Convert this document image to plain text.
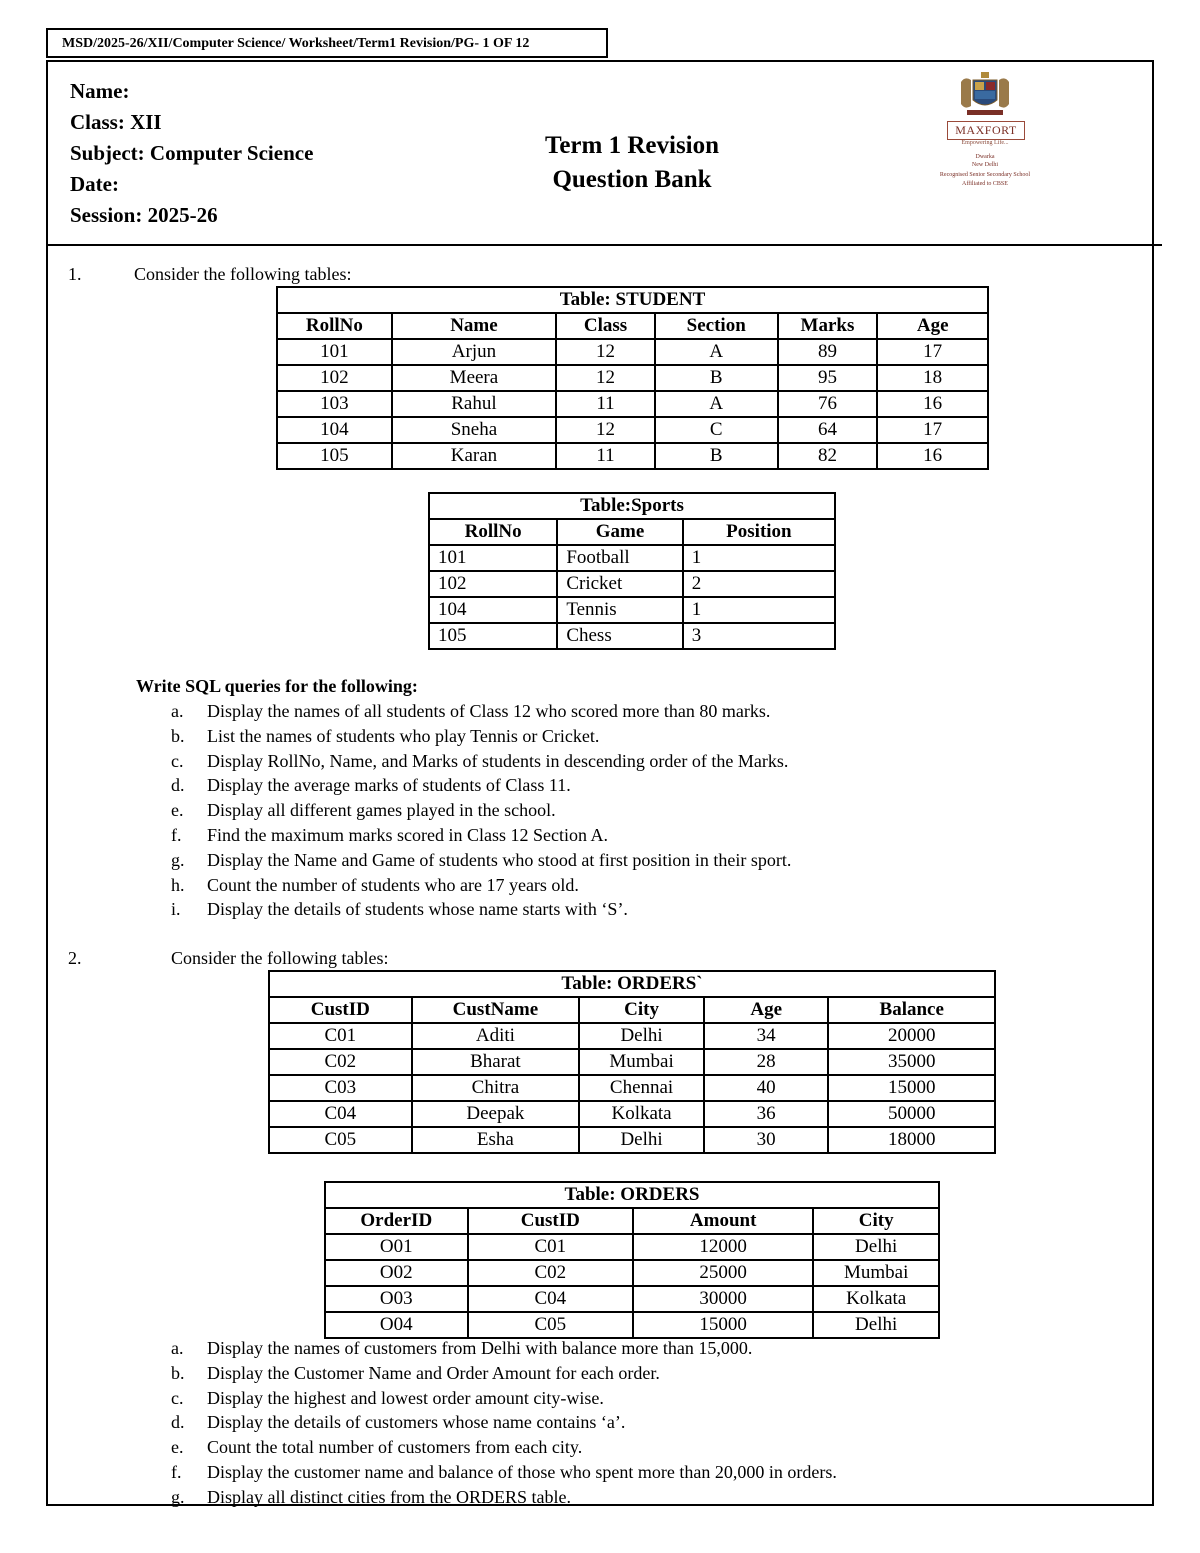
MSD/2025-26/XII/Computer Science/ Worksheet/Term1 Revision/PG- 1 OF 12
Name:
Class: XII
Subject: Computer Science
Date:
Session: 2025-26
Term 1 Revision
Question Bank
MAXFORT
Empowering Life...
Dwarka
New Delhi
Recognised Senior Secondary School
Affiliated to CBSE
1.	Consider the following tables:
Table: STUDENT					
RollNo	Name	Class	Section	Marks	Age
101	Arjun	12	A	89	17
102	Meera	12	B	95	18
103	Rahul	11	A	76	16
104	Sneha	12	C	64	17
105	Karan	11	B	82	16
Table:Sports		
RollNo	Game	Position
101	Football	1
102	Cricket	2
104	Tennis	1
105	Chess	3
Write SQL queries for the following:
a. Display the names of all students of Class 12 who scored more than 80 marks.
b. List the names of students who play Tennis or Cricket.
c. Display RollNo, Name, and Marks of students in descending order of the Marks.
d. Display the average marks of students of Class 11.
e. Display all different games played in the school.
f. Find the maximum marks scored in Class 12 Section A.
g. Display the Name and Game of students who stood at first position in their sport.
h. Count the number of students who are 17 years old.
i. Display the details of students whose name starts with ‘S’.
2.	Consider the following tables:
Table: ORDERS`				
CustID	CustName	City	Age	Balance
C01	Aditi	Delhi	34	20000
C02	Bharat	Mumbai	28	35000
C03	Chitra	Chennai	40	15000
C04	Deepak	Kolkata	36	50000
C05	Esha	Delhi	30	18000
Table: ORDERS			
OrderID	CustID	Amount	City
O01	C01	12000	Delhi
O02	C02	25000	Mumbai
O03	C04	30000	Kolkata
O04	C05	15000	Delhi
a. Display the names of customers from Delhi with balance more than 15,000.
b. Display the Customer Name and Order Amount for each order.
c. Display the highest and lowest order amount city-wise.
d. Display the details of customers whose name contains ‘a’.
e. Count the total number of customers from each city.
f. Display the customer name and balance of those who spent more than 20,000 in orders.
g. Display all distinct cities from the ORDERS table.
